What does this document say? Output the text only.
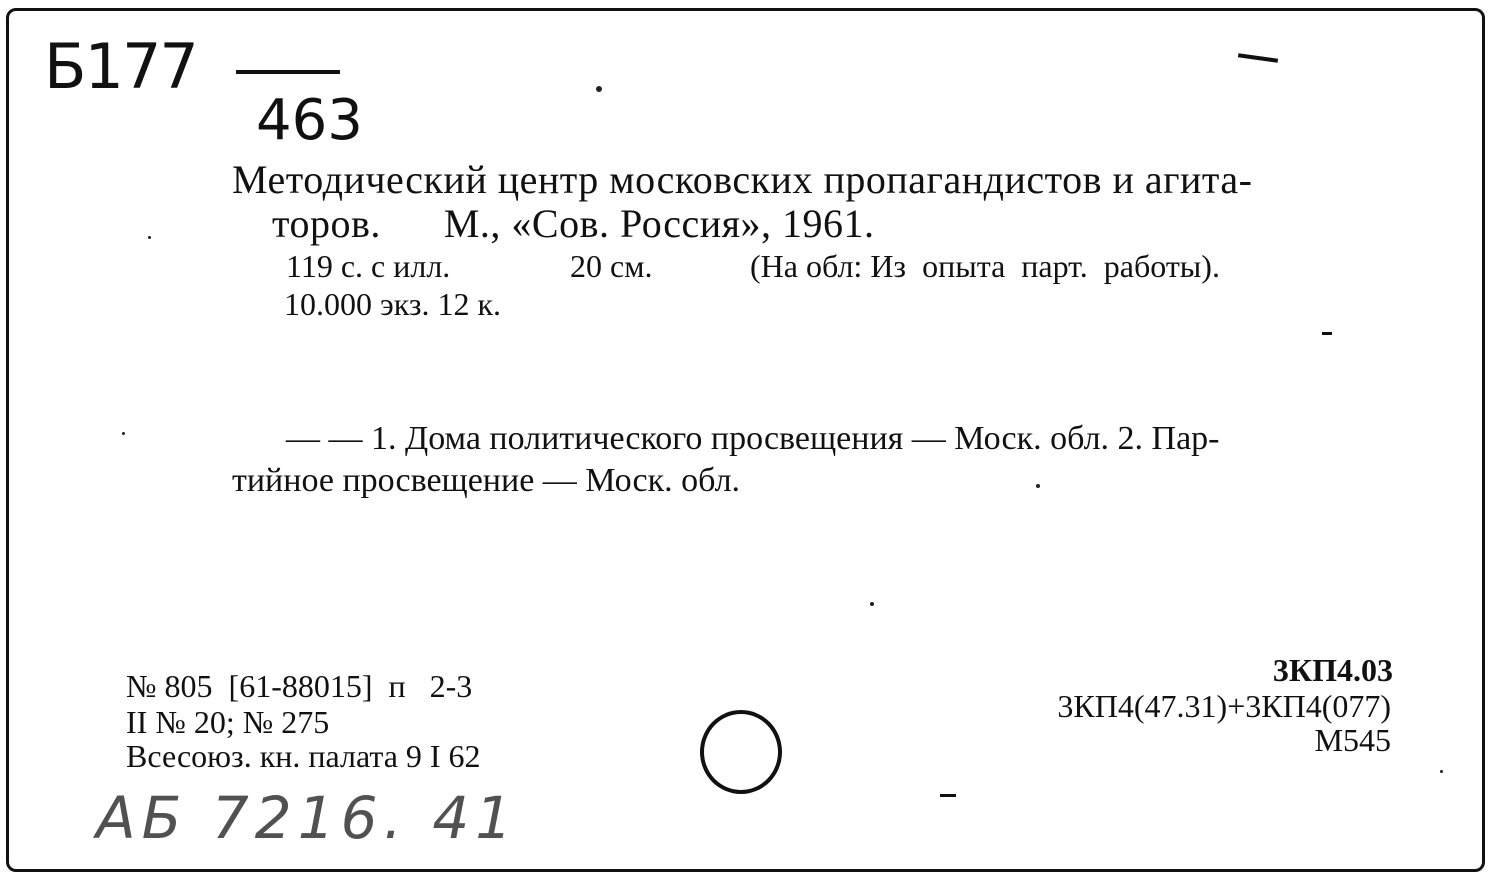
Б177
463
Методический центр московских пропагандистов и агита-
торов.      М., «Сов. Россия», 1961.
119 с. с илл.	20 см.	(На обл: Из  опыта  парт.  работы).
10.000 экз. 12 к.
— — 1. Дома политического просвещения — Моск. обл. 2. Пар-
тийное просвещение — Моск. обл.
№ 805  [61-88015]  п   2-3
II № 20; № 275
Всесоюз. кн. палата 9 I 62
3КП4.03
3КП4(47.31)+3КП4(077)
М545
АБ 7216. 41
